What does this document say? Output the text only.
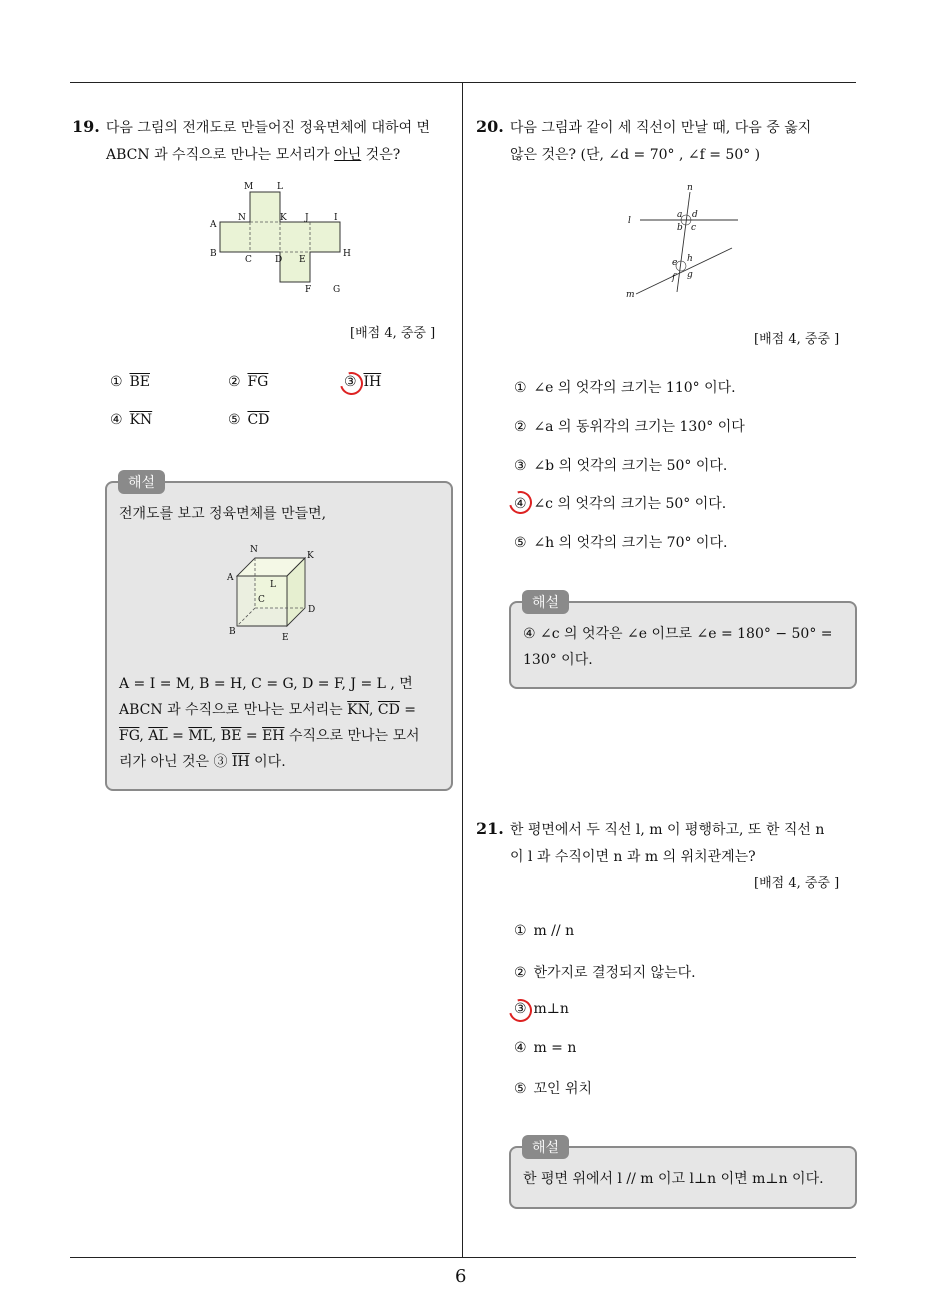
19. 다음 그림의 전개도로 만들어진 정육면체에 대하여 면
ABCN 과 수직으로 만나는 모서리가 아닌 것은?
M	L
A
N	K J	I
B
C	D E
H
F G
[배점 4, 중중 ]
① $\overline{BE}$	② $\overline{FG}$	③ $\overline{IH}$
④ $\overline{KN}$	⑤ $\overline{CD}$
전개도를 보고 정육면체를 만들면,
N
K
A
L
C
D
B
E
A = I = M, B = H, C = G, D = F, J = L , 면
ABCN 과 수직으로 만나는 모서리는 $\overline{KN}$, $\overline{CD}$ =
$\overline{FG}$, $\overline{AL} = \overline{ML}$, $\overline{BE} = \overline{EH}$ 수직으로 만나는 모서
리가 아닌 것은 ③ $\overline{IH}$ 이다.
해설
20. 다음 그림과 같이 세 직선이 만날 때, 다음 중 옳지
않은 것은? (단, ∠d = 70° , ∠f = 50° )
n
l
m
a d
b c
e h
f g
[배점 4, 중중 ]
① ∠e 의 엇각의 크기는 110° 이다.
② ∠a 의 동위각의 크기는 130° 이다
③ ∠b 의 엇각의 크기는 50° 이다.
④ ∠c 의 엇각의 크기는 50° 이다.
⑤ ∠h 의 엇각의 크기는 70° 이다.
④ ∠c 의 엇각은 ∠e 이므로 ∠e = 180° − 50° =
130° 이다.
해설
21. 한 평면에서 두 직선 l, m 이 평행하고, 또 한 직선 n
이 l 과 수직이면 n 과 m 의 위치관계는?
[배점 4, 중중 ]
① m // n
② 한가지로 결정되지 않는다.
③ m⊥n
④ m = n
⑤ 꼬인 위치
한 평면 위에서 l // m 이고 l⊥n 이면 m⊥n 이다.
해설
6
